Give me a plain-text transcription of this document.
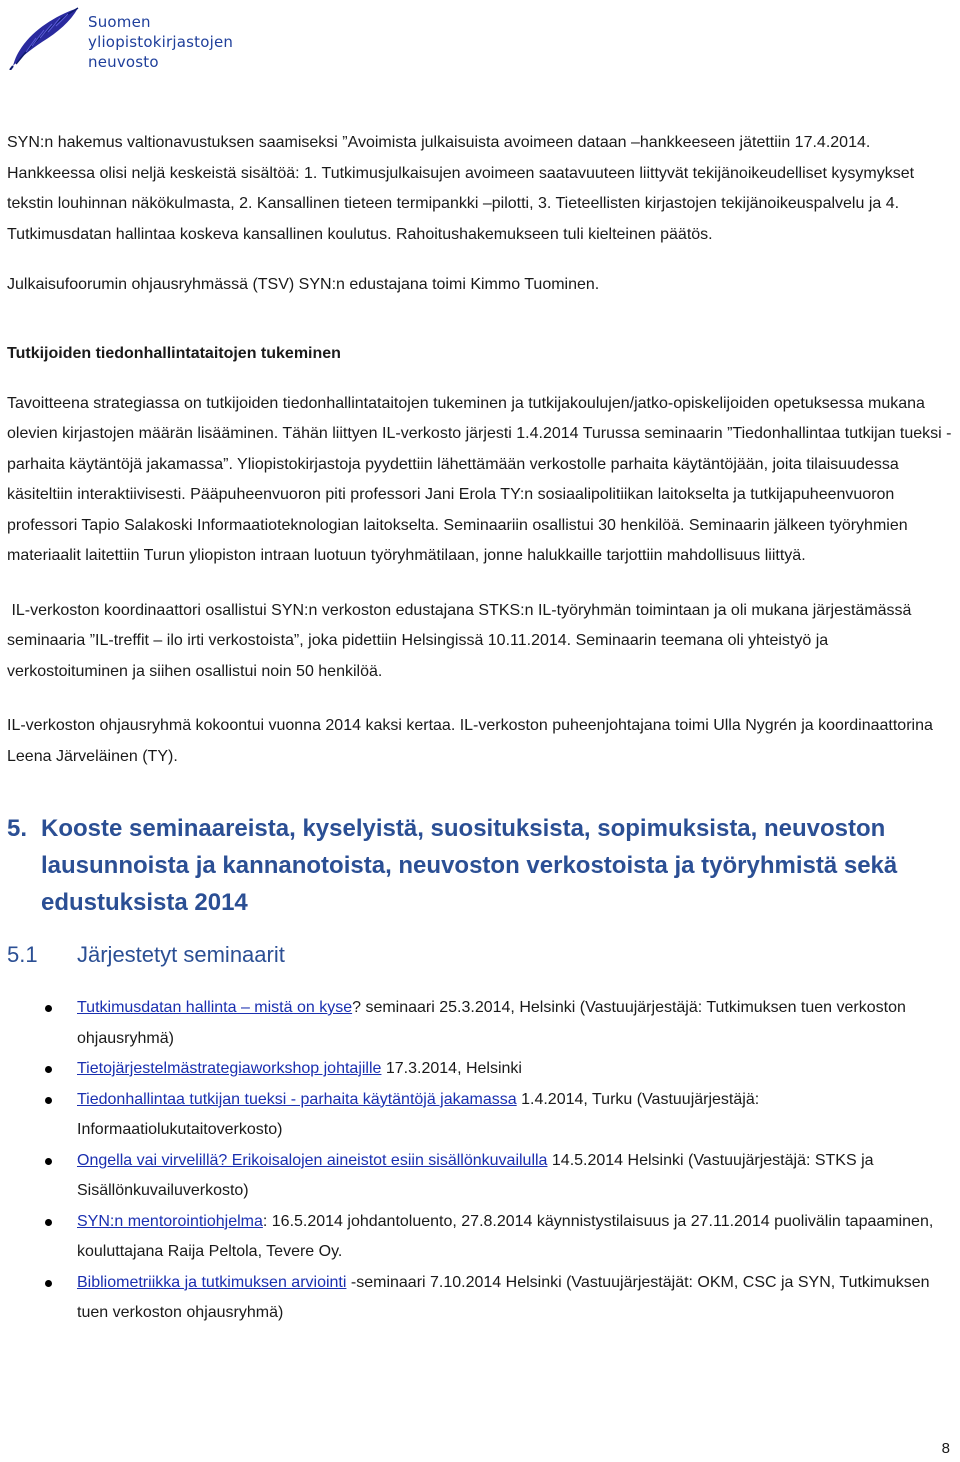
Suomen
yliopistokirjastojen
neuvosto

SYN:n hakemus valtionavustuksen saamiseksi ”Avoimista julkaisuista avoimeen dataan –hankkeeseen jätettiin 17.4.2014. Hankkeessa olisi neljä keskeistä sisältöä: 1. Tutkimusjulkaisujen avoimeen saatavuuteen liittyvät tekijänoikeudelliset kysymykset tekstin louhinnan näkökulmasta, 2. Kansallinen tieteen termipankki –pilotti, 3. Tieteellisten kirjastojen tekijänoikeuspalvelu ja 4. Tutkimusdatan hallintaa koskeva kansallinen koulutus. Rahoitushakemukseen tuli kielteinen päätös.

Julkaisufoorumin ohjausryhmässä (TSV) SYN:n edustajana toimi Kimmo Tuominen.

Tutkijoiden tiedonhallintataitojen tukeminen

Tavoitteena strategiassa on tutkijoiden tiedonhallintataitojen tukeminen ja tutkijakoulujen/jatko-opiskelijoiden opetuksessa mukana olevien kirjastojen määrän lisääminen. Tähän liittyen IL-verkosto järjesti 1.4.2014 Turussa seminaarin ”Tiedonhallintaa tutkijan tueksi - parhaita käytäntöjä jakamassa”. Yliopistokirjastoja pyydettiin lähettämään verkostolle parhaita käytäntöjään, joita tilaisuudessa käsiteltiin interaktiivisesti. Pääpuheenvuoron piti professori Jani Erola TY:n sosiaalipolitiikan laitokselta ja tutkijapuheenvuoron professori Tapio Salakoski Informaatioteknologian laitokselta. Seminaariin osallistui 30 henkilöä. Seminaarin jälkeen työryhmien materiaalit laitettiin Turun yliopiston intraan luotuun työryhmätilaan, jonne halukkaille tarjottiin mahdollisuus liittyä.

IL-verkoston koordinaattori osallistui SYN:n verkoston edustajana STKS:n IL-työryhmän toimintaan ja oli mukana järjestämässä seminaaria ”IL-treffit – ilo irti verkostoista”, joka pidettiin Helsingissä 10.11.2014. Seminaarin teemana oli yhteistyö ja verkostoituminen ja siihen osallistui noin 50 henkilöä.

IL-verkoston ohjausryhmä kokoontui vuonna 2014 kaksi kertaa. IL-verkoston puheenjohtajana toimi Ulla Nygrén ja koordinaattorina Leena Järveläinen (TY).

5. Kooste seminaareista, kyselyistä, suosituksista, sopimuksista, neuvoston lausunnoista ja kannanotoista, neuvoston verkostoista ja työryhmistä sekä edustuksista 2014
5.1 Järjestetyt seminaarit
Tutkimusdatan hallinta – mistä on kyse? seminaari 25.3.2014, Helsinki (Vastuujärjestäjä: Tutkimuksen tuen verkoston ohjausryhmä)
Tietojärjestelmästrategiaworkshop johtajille 17.3.2014, Helsinki
Tiedonhallintaa tutkijan tueksi - parhaita käytäntöjä jakamassa 1.4.2014, Turku (Vastuujärjestäjä: Informaatiolukutaitoverkosto)
Ongella vai virvelillä? Erikoisalojen aineistot esiin sisällönkuvailulla 14.5.2014 Helsinki (Vastuujärjestäjä: STKS ja Sisällönkuvailuverkosto)
SYN:n mentorointiohjelma: 16.5.2014 johdantoluento, 27.8.2014 käynnistystilaisuus ja 27.11.2014 puolivälin tapaaminen, kouluttajana Raija Peltola, Tevere Oy.
Bibliometriikka ja tutkimuksen arviointi -seminaari 7.10.2014 Helsinki (Vastuujärjestäjät: OKM, CSC ja SYN, Tutkimuksen tuen verkoston ohjausryhmä)
8
